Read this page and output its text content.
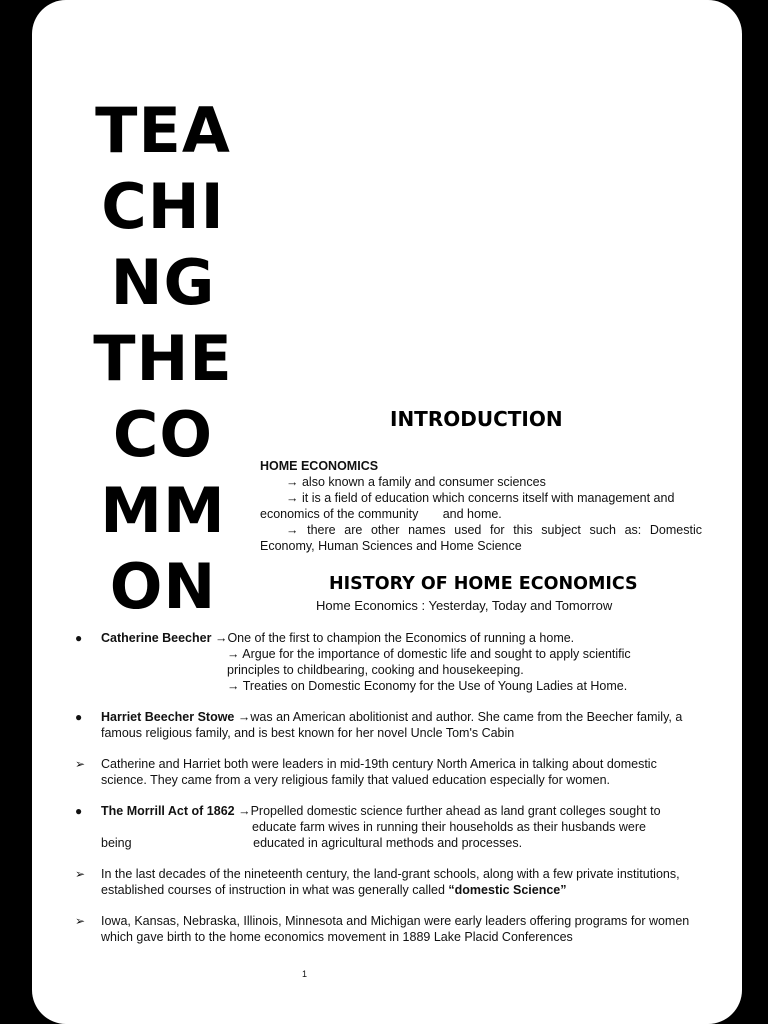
TEA
CHI
NG
THE
CO
MM
ON
INTRODUCTION
HOME ECONOMICS
→ also known a family and consumer sciences
→ it is a field of education which concerns itself with management and
economics of the community       and home.
→ there are other names used for this subject such as: Domestic
Economy, Human Sciences and Home Science
HISTORY OF HOME ECONOMICS
Home Economics : Yesterday, Today and Tomorrow
● Catherine Beecher →One of the first to champion the Economics of running a home.
→ Argue for the importance of domestic life and sought to apply scientific
principles to childbearing, cooking and housekeeping.
→ Treaties on Domestic Economy for the Use of Young Ladies at Home.
● Harriet Beecher Stowe →was an American abolitionist and author. She came from the Beecher family, a famous religious family, and is best known for her novel Uncle Tom's Cabin
➢ Catherine and Harriet both were leaders in mid-19th century North America in talking about domestic science. They came from a very religious family that valued education especially for women.
● The Morrill Act of 1862 →Propelled domestic science further ahead as land grant colleges sought to
educate farm wives in running their households as their husbands were
being                                   educated in agricultural methods and processes.
➢ In the last decades of the nineteenth century, the land-grant schools, along with a few private institutions, established courses of instruction in what was generally called “domestic Science”
➢ Iowa, Kansas, Nebraska, Illinois, Minnesota and Michigan were early leaders offering programs for women which gave birth to the home economics movement in 1889 Lake Placid Conferences
1
